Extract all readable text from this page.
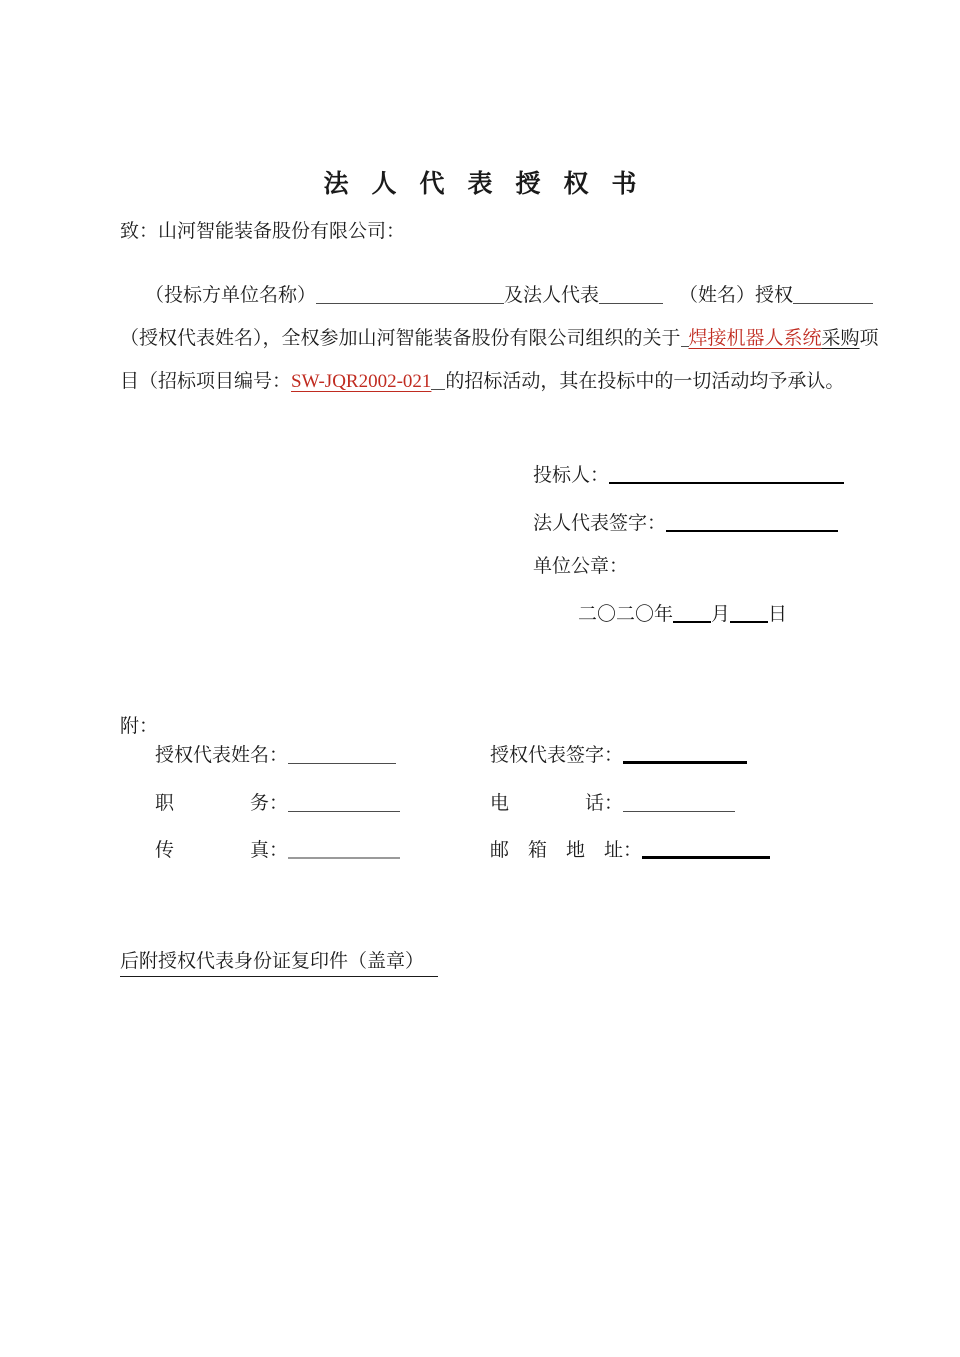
法人代表授权书
致：山河智能装备股份有限公司：
（投标方单位名称）	及法人代表	（姓名）授权
（授权代表姓名），全权参加山河智能装备股份有限公司组织的关于 焊接机器人系统采购项
目（招标项目编号：SW-JQR2002-021 的招标活动，其在投标中的一切活动均予承认。
投标人：
法人代表签字：
单位公章：
二〇二〇年 月 日
附：
授权代表姓名：	授权代表签字：
职　　　　务：	电　　　　话：
传　　　　真：	邮　箱　地　址：
后附授权代表身份证复印件（盖章）
